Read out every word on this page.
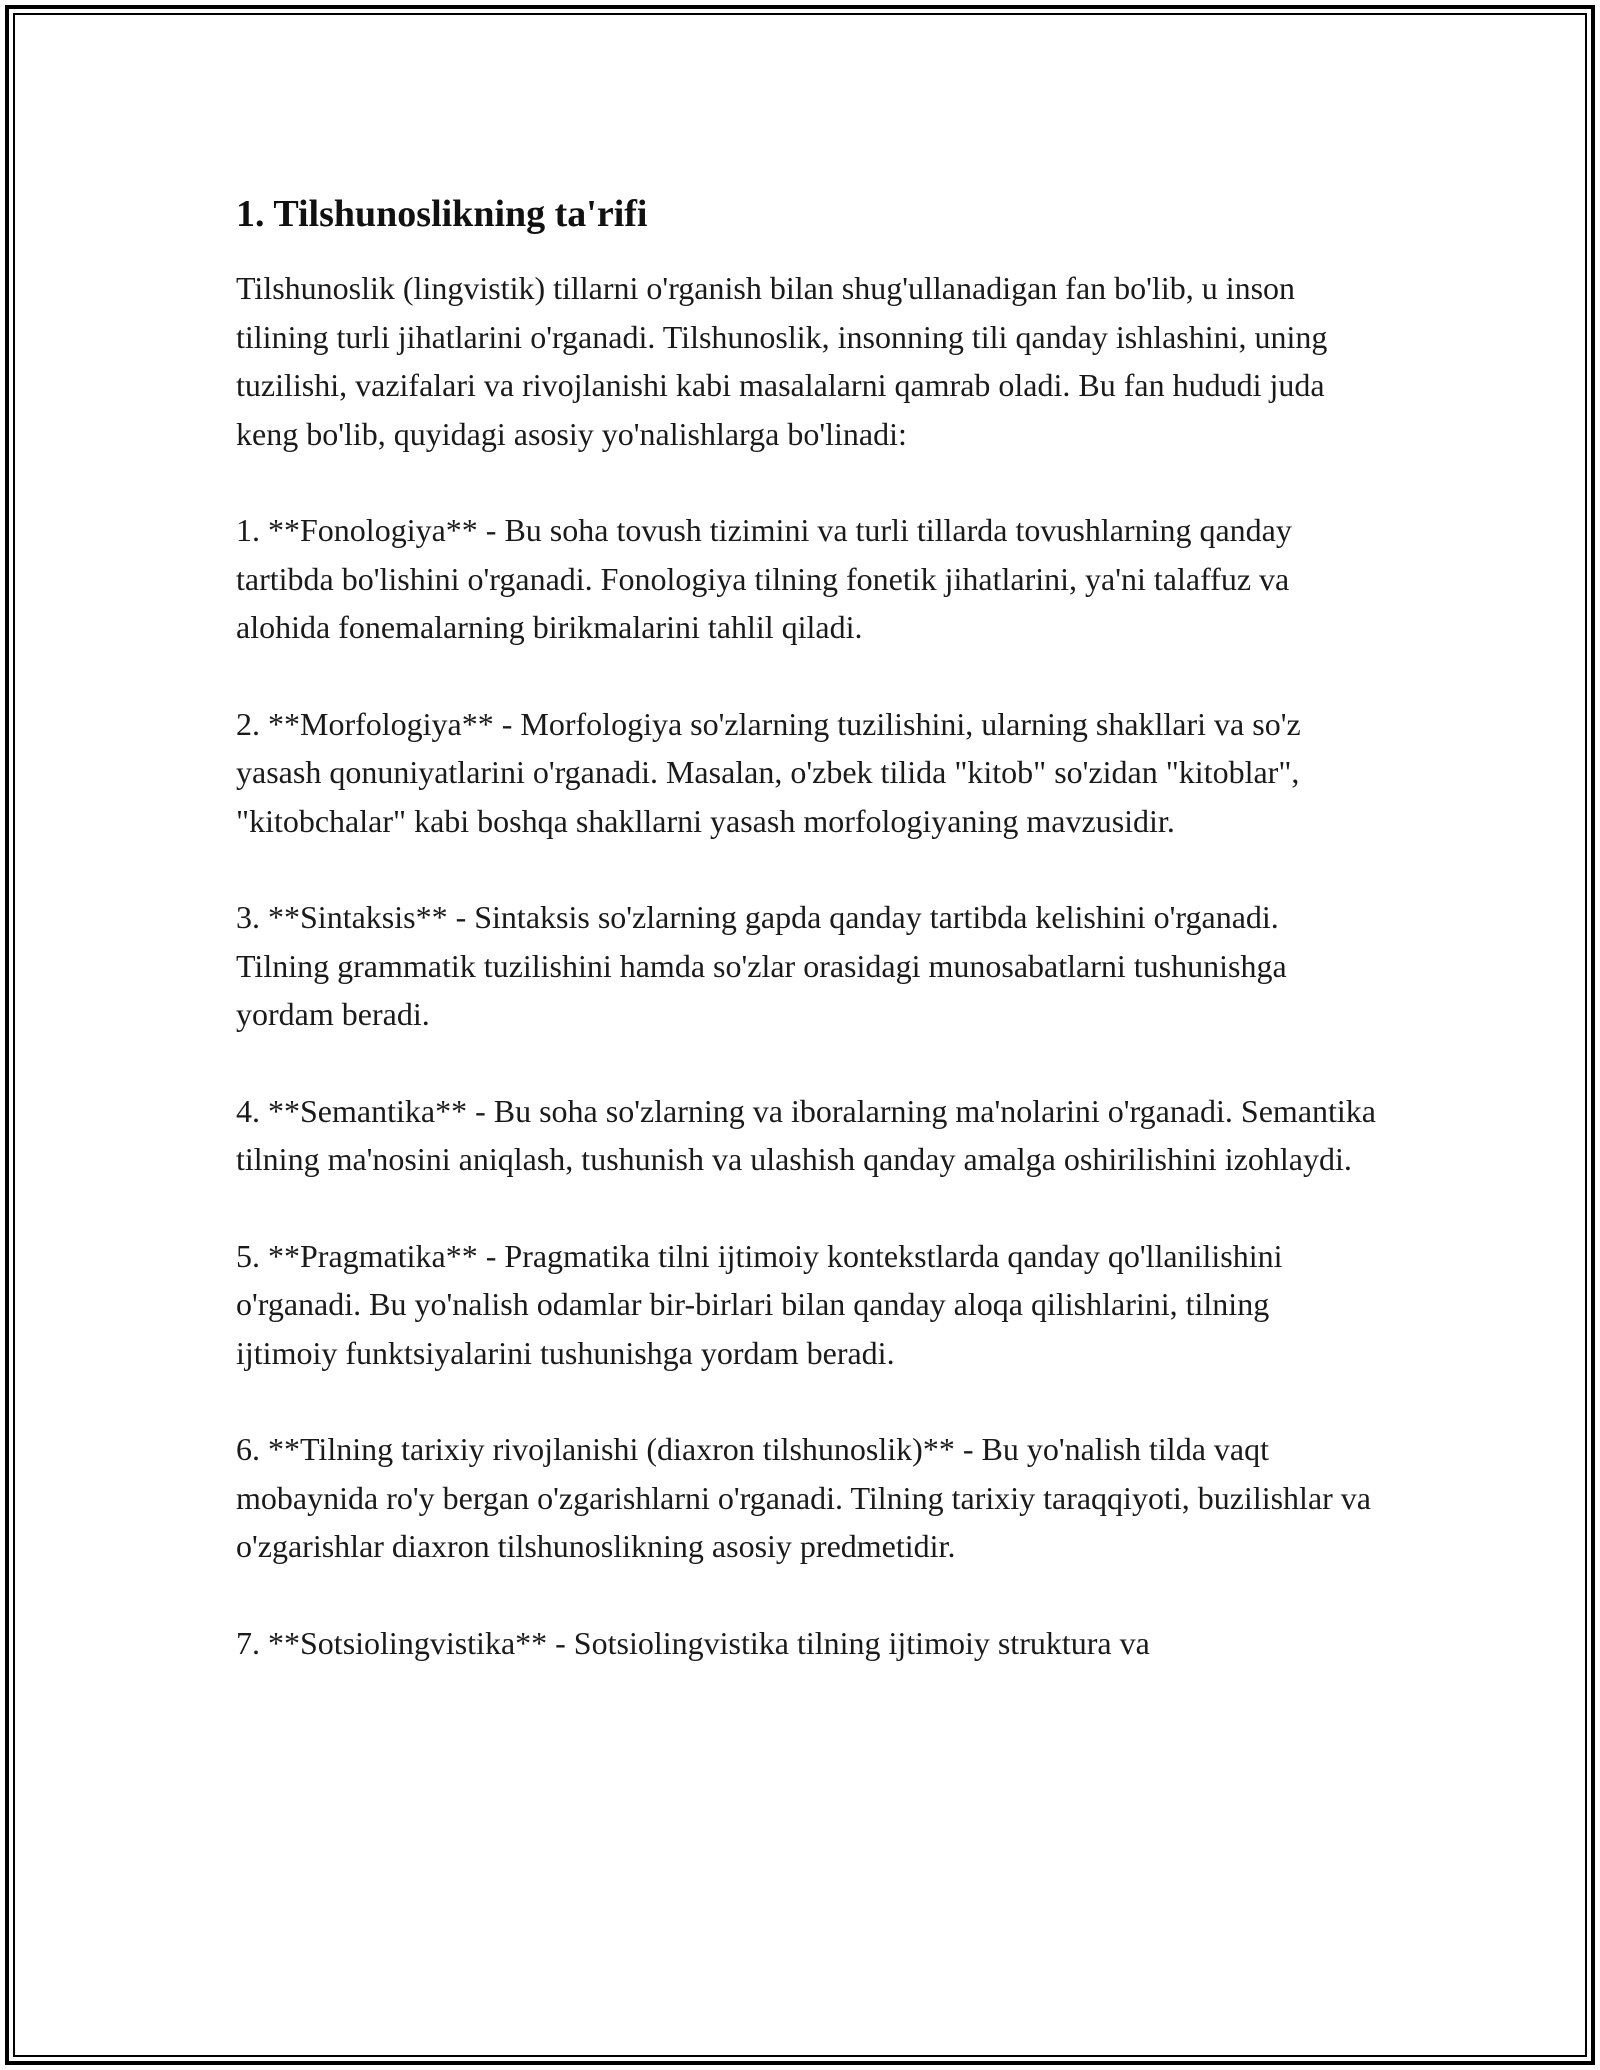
1. Tilshunoslikning ta'rifi

Tilshunoslik (lingvistik) tillarni o'rganish bilan shug'ullanadigan fan bo'lib, u inson tilining turli jihatlarini o'rganadi. Tilshunoslik, insonning tili qanday ishlashini, uning tuzilishi, vazifalari va rivojlanishi kabi masalalarni qamrab oladi. Bu fan hududi juda keng bo'lib, quyidagi asosiy yo'nalishlarga bo'linadi:

1. **Fonologiya** - Bu soha tovush tizimini va turli tillarda tovushlarning qanday tartibda bo'lishini o'rganadi. Fonologiya tilning fonetik jihatlarini, ya'ni talaffuz va alohida fonemalarning birikmalarini tahlil qiladi.

2. **Morfologiya** - Morfologiya so'zlarning tuzilishini, ularning shakllari va so'z yasash qonuniyatlarini o'rganadi. Masalan, o'zbek tilida "kitob" so'zidan "kitoblar", "kitobchalar" kabi boshqa shakllarni yasash morfologiyaning mavzusidir.

3. **Sintaksis** - Sintaksis so'zlarning gapda qanday tartibda kelishini o'rganadi. Tilning grammatik tuzilishini hamda so'zlar orasidagi munosabatlarni tushunishga yordam beradi.

4. **Semantika** - Bu soha so'zlarning va iboralarning ma'nolarini o'rganadi. Semantika tilning ma'nosini aniqlash, tushunish va ulashish qanday amalga oshirilishini izohlaydi.

5. **Pragmatika** - Pragmatika tilni ijtimoiy kontekstlarda qanday qo'llanilishini o'rganadi. Bu yo'nalish odamlar bir-birlari bilan qanday aloqa qilishlarini, tilning ijtimoiy funktsiyalarini tushunishga yordam beradi.

6. **Tilning tarixiy rivojlanishi (diaxron tilshunoslik)** - Bu yo'nalish tilda vaqt mobaynida ro'y bergan o'zgarishlarni o'rganadi. Tilning tarixiy taraqqiyoti, buzilishlar va o'zgarishlar diaxron tilshunoslikning asosiy predmetidir.

7. **Sotsiolingvistika** - Sotsiolingvistika tilning ijtimoiy struktura va
